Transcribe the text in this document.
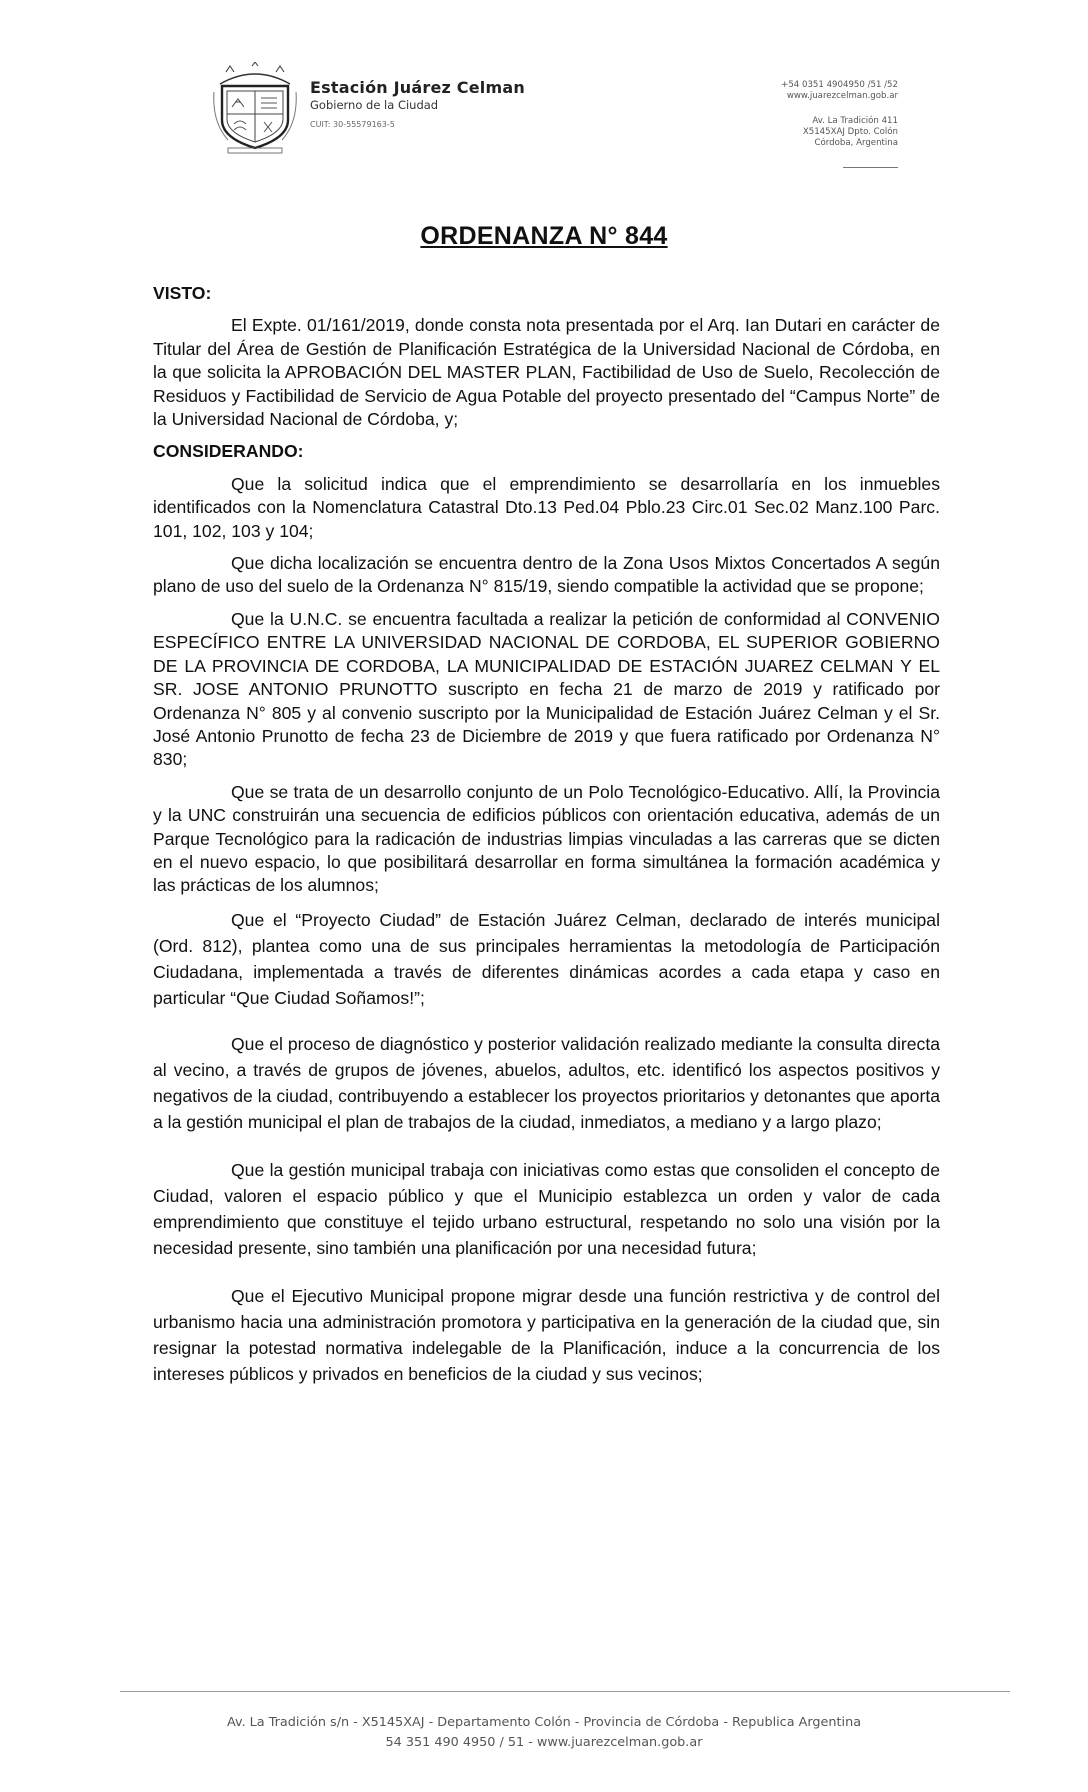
Estación Juárez Celman
Gobierno de la Ciudad
CUIT: 30-55579163-5
+54 0351 4904950 /51 /52
www.juarezcelman.gob.ar
Av. La Tradición 411
X5145XAJ Dpto. Colón
Córdoba, Argentina
ORDENANZA N° 844
VISTO:
El Expte. 01/161/2019, donde consta nota presentada por el Arq. Ian Dutari en carácter de Titular del Área de Gestión de Planificación Estratégica de la Universidad Nacional de Córdoba, en la que solicita la APROBACIÓN DEL MASTER PLAN, Factibilidad de Uso de Suelo, Recolección de Residuos y Factibilidad de Servicio de Agua Potable del proyecto presentado del “Campus Norte” de la Universidad Nacional de Córdoba, y;
CONSIDERANDO:
Que la solicitud indica que el emprendimiento se desarrollaría en los inmuebles identificados con la Nomenclatura Catastral Dto.13 Ped.04 Pblo.23 Circ.01 Sec.02 Manz.100 Parc. 101, 102, 103 y 104;
Que dicha localización se encuentra dentro de la Zona Usos Mixtos Concertados A según plano de uso del suelo de la Ordenanza N° 815/19, siendo compatible la actividad que se propone;
Que la U.N.C. se encuentra facultada a realizar la petición de conformidad al CONVENIO ESPECÍFICO ENTRE LA UNIVERSIDAD NACIONAL DE CORDOBA, EL SUPERIOR GOBIERNO DE LA PROVINCIA DE CORDOBA, LA MUNICIPALIDAD DE ESTACIÓN JUAREZ CELMAN Y EL SR. JOSE ANTONIO PRUNOTTO suscripto en fecha 21 de marzo de 2019 y ratificado por Ordenanza N° 805 y al convenio suscripto por la Municipalidad de Estación Juárez Celman y el Sr. José Antonio Prunotto de fecha 23 de Diciembre de 2019 y que fuera ratificado por Ordenanza N° 830;
Que se trata de un desarrollo conjunto de un Polo Tecnológico-Educativo. Allí, la Provincia y la UNC construirán una secuencia de edificios públicos con orientación educativa, además de un Parque Tecnológico para la radicación de industrias limpias vinculadas a las carreras que se dicten en el nuevo espacio, lo que posibilitará desarrollar en forma simultánea la formación académica y las prácticas de los alumnos;
Que el “Proyecto Ciudad” de Estación Juárez Celman, declarado de interés municipal (Ord. 812), plantea como una de sus principales herramientas la metodología de Participación Ciudadana, implementada a través de diferentes dinámicas acordes a cada etapa y caso en particular “Que Ciudad Soñamos!”;
Que el proceso de diagnóstico y posterior validación realizado mediante la consulta directa al vecino, a través de grupos de jóvenes, abuelos, adultos, etc. identificó los aspectos positivos y negativos de la ciudad, contribuyendo a establecer los proyectos prioritarios y detonantes que aporta a la gestión municipal el plan de trabajos de la ciudad, inmediatos, a mediano y a largo plazo;
Que la gestión municipal trabaja con iniciativas como estas que consoliden el concepto de Ciudad, valoren el espacio público y que el Municipio establezca un orden y valor de cada emprendimiento que constituye el tejido urbano estructural, respetando no solo una visión por la necesidad presente, sino también una planificación por una necesidad futura;
Que el Ejecutivo Municipal propone migrar desde una función restrictiva y de control del urbanismo hacia una administración promotora y participativa en la generación de la ciudad que, sin resignar la potestad normativa indelegable de la Planificación, induce a la concurrencia de los intereses públicos y privados en beneficios de la ciudad y sus vecinos;
Av. La Tradición s/n - X5145XAJ - Departamento Colón - Provincia de Córdoba - Republica Argentina
54 351 490 4950 / 51 - www.juarezcelman.gob.ar
